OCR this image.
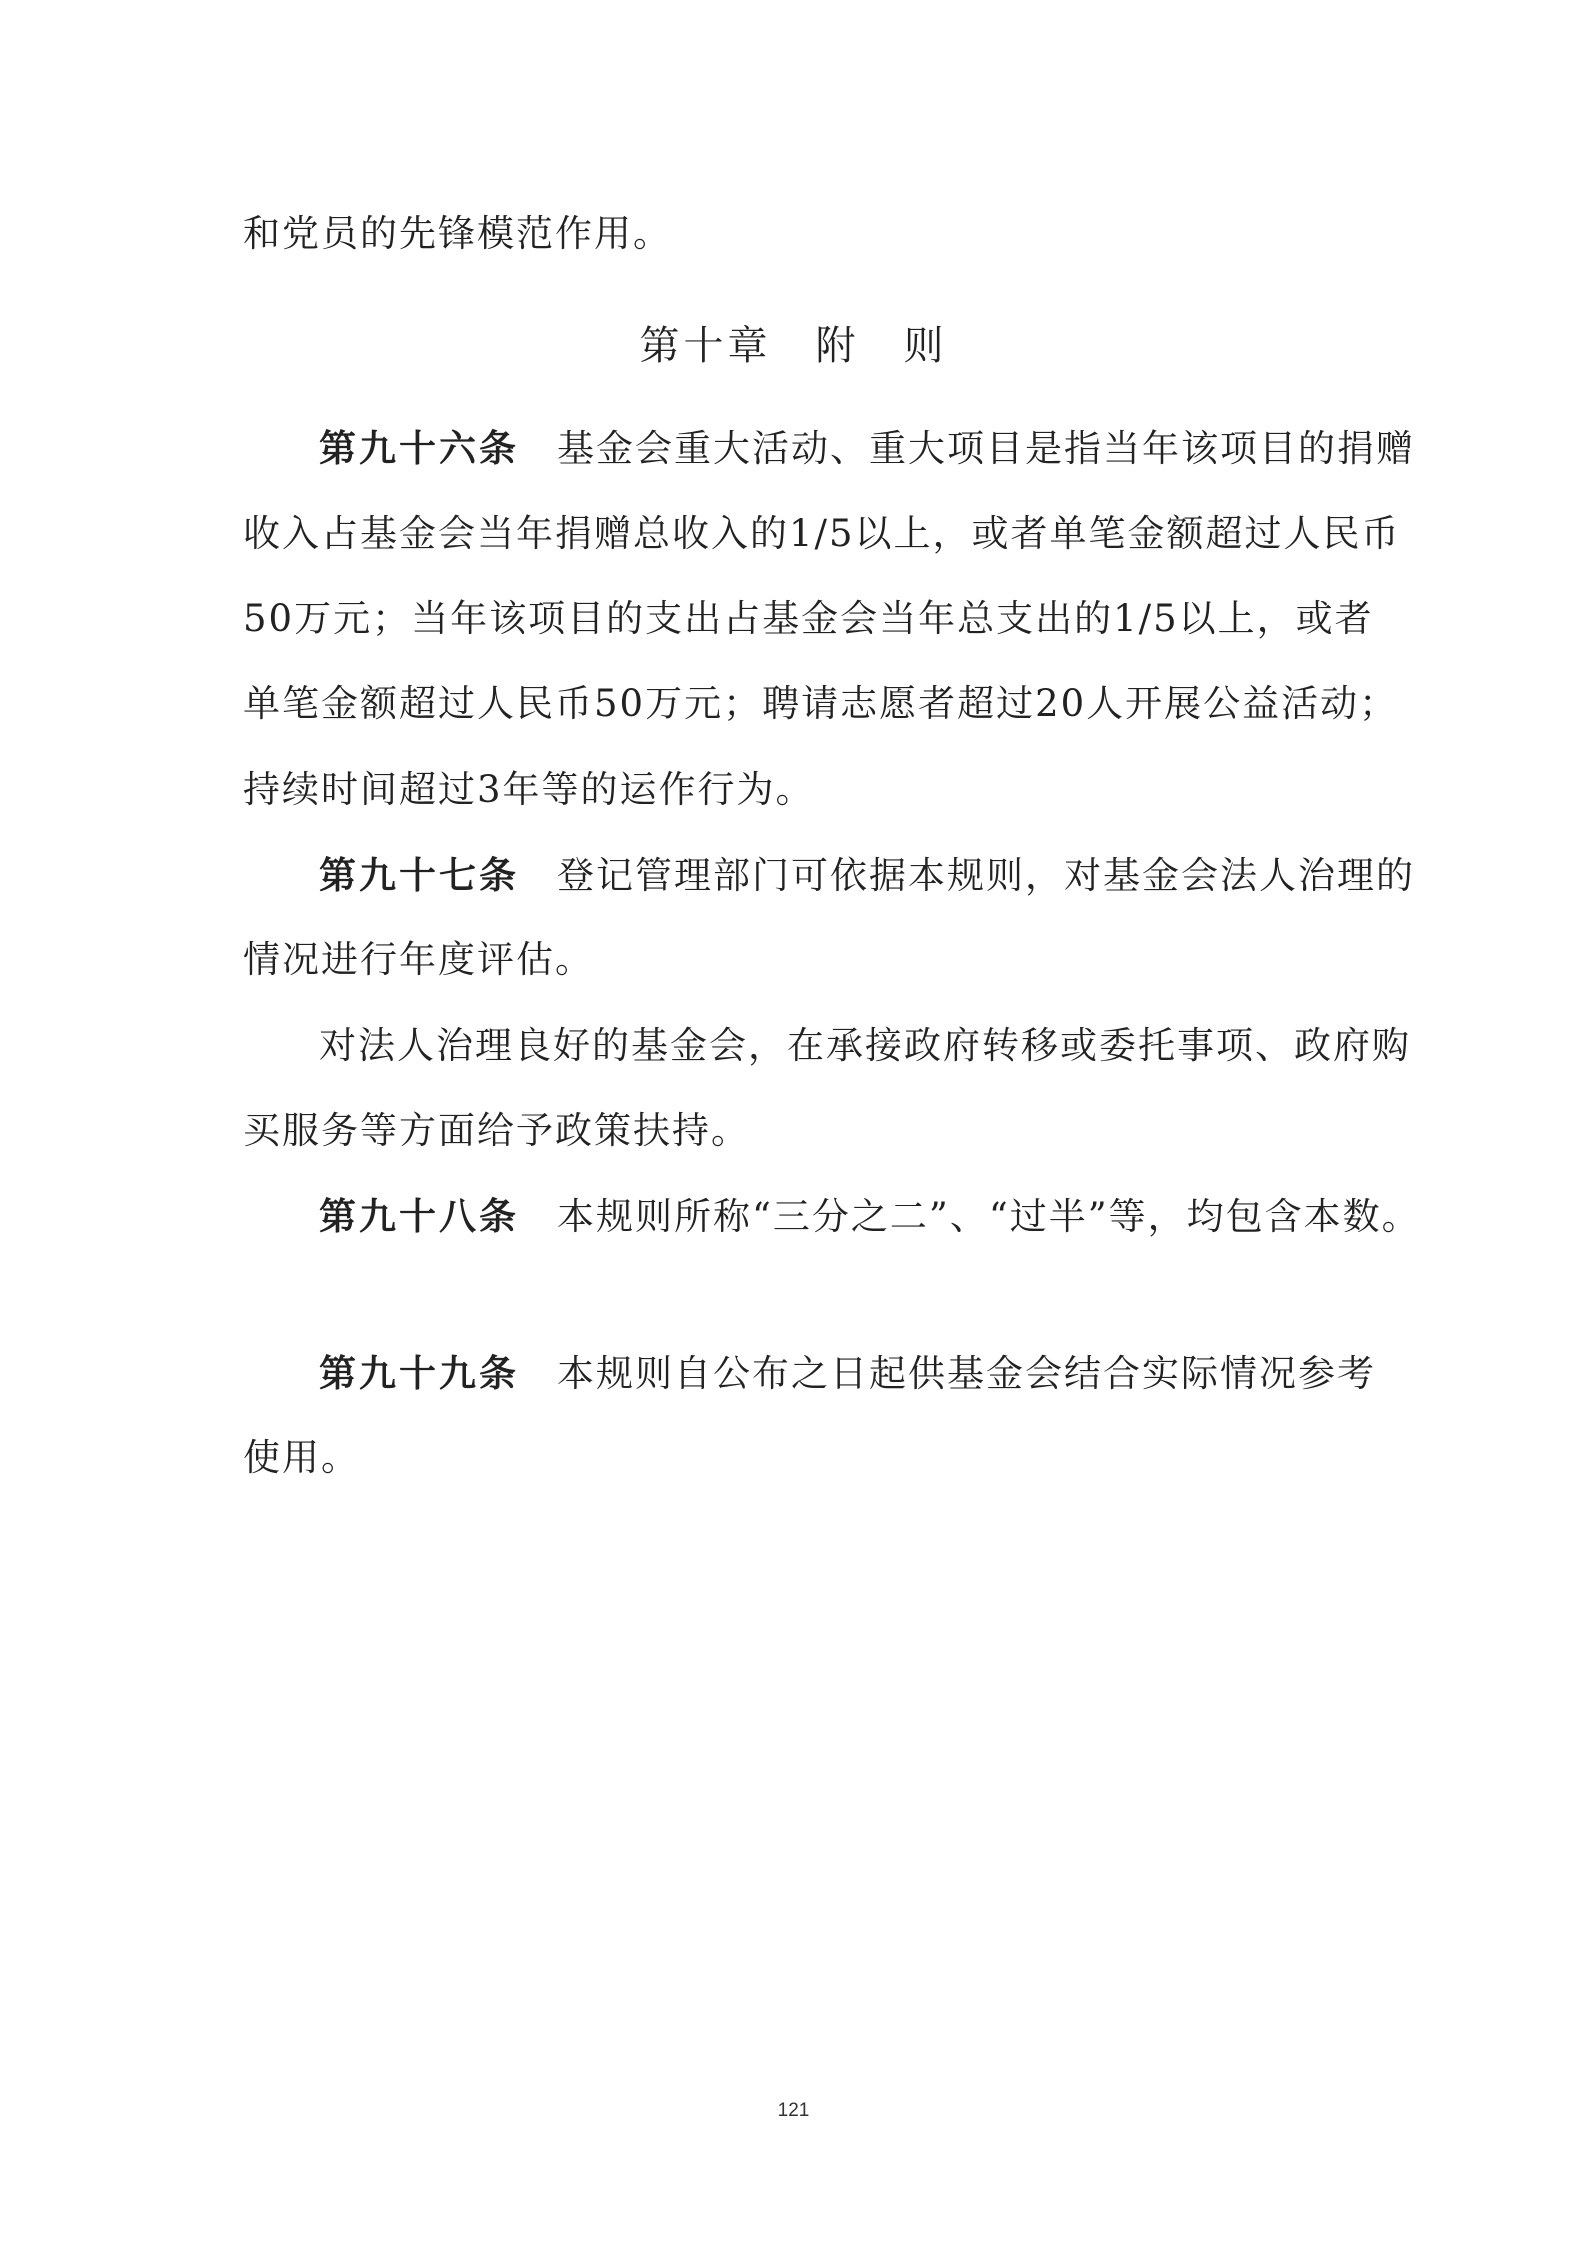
和党员的先锋模范作用。
第十章　附　则
第九十六条 基金会重大活动、重大项目是指当年该项目的捐赠
收入占基金会当年捐赠总收入的1/5以上，或者单笔金额超过人民币
50万元；当年该项目的支出占基金会当年总支出的1/5以上，或者
单笔金额超过人民币50万元；聘请志愿者超过20人开展公益活动；
持续时间超过3年等的运作行为。
第九十七条 登记管理部门可依据本规则，对基金会法人治理的
情况进行年度评估。
对法人治理良好的基金会，在承接政府转移或委托事项、政府购
买服务等方面给予政策扶持。
第九十八条 本规则所称“三分之二”、“过半”等，均包含本数。
第九十九条 本规则自公布之日起供基金会结合实际情况参考
使用。
121
